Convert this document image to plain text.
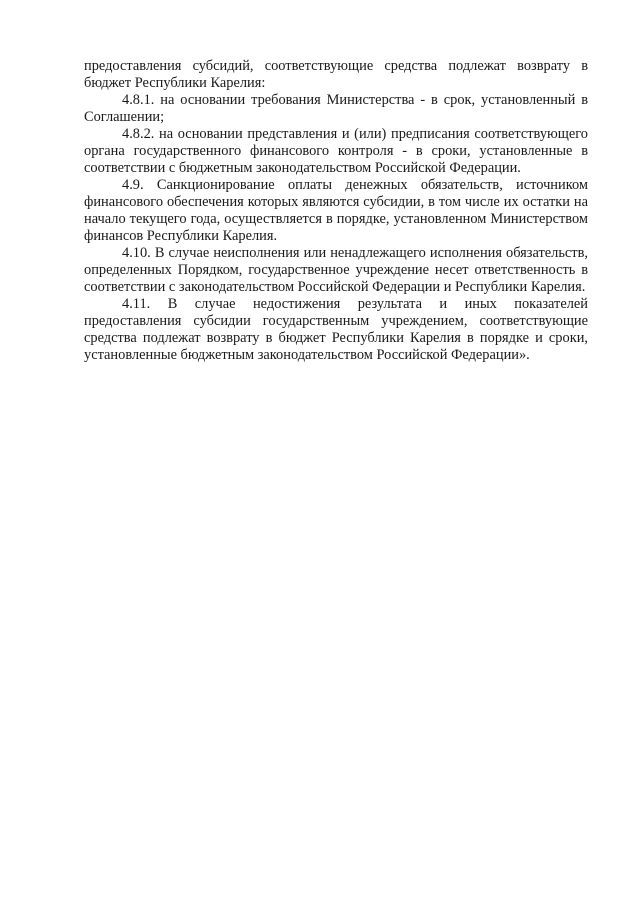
предоставления субсидий, соответствующие средства подлежат возврату в бюджет Республики Карелия:

4.8.1. на основании требования Министерства - в срок, установленный в Соглашении;

4.8.2. на основании представления и (или) предписания соответствующего органа государственного финансового контроля - в сроки, установленные в соответствии с бюджетным законодательством Российской Федерации.

4.9. Санкционирование оплаты денежных обязательств, источником финансового обеспечения которых являются субсидии, в том числе их остатки на начало текущего года, осуществляется в порядке, установленном Министерством финансов Республики Карелия.

4.10. В случае неисполнения или ненадлежащего исполнения обязательств, определенных Порядком, государственное учреждение несет ответственность в соответствии с законодательством Российской Федерации и Республики Карелия.

4.11. В случае недостижения результата и иных показателей предоставления субсидии государственным учреждением, соответствующие средства подлежат возврату в бюджет Республики Карелия в порядке и сроки, установленные бюджетным законодательством Российской Федерации».
